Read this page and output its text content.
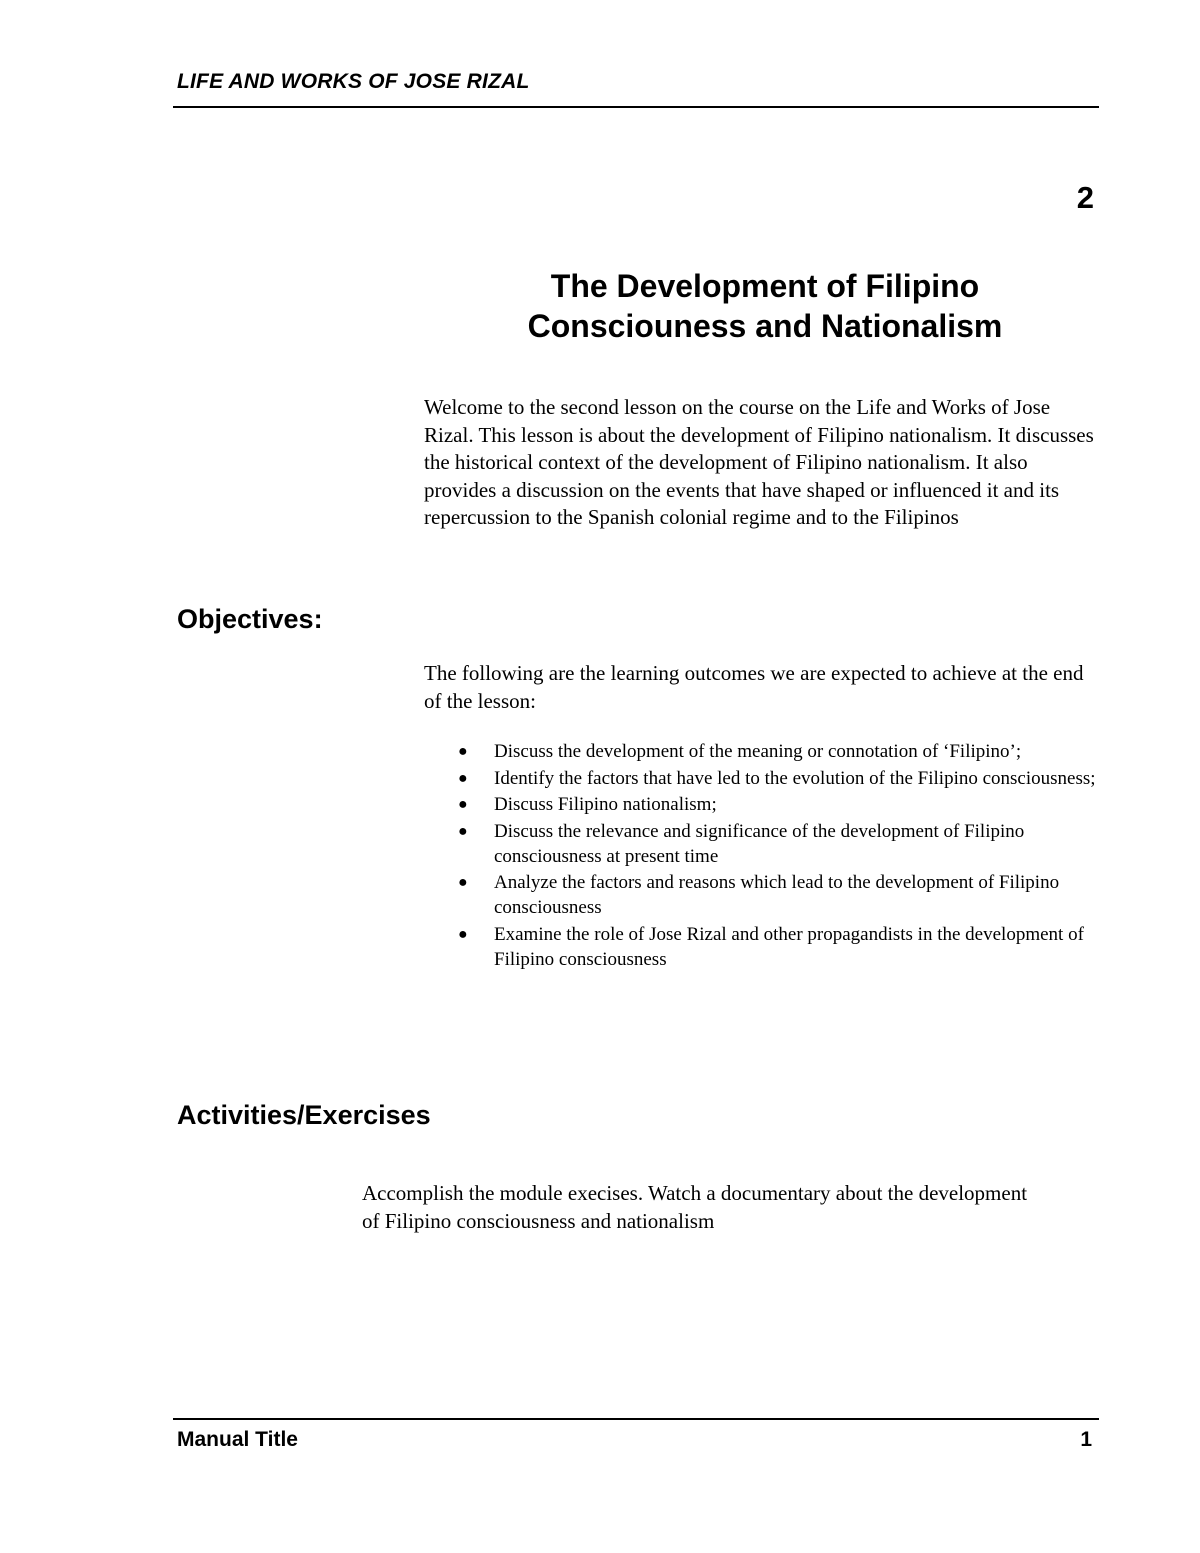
LIFE AND WORKS OF JOSE RIZAL
2
The Development of Filipino
Consciouness and Nationalism

Welcome to the second lesson on the course on the Life and Works of Jose Rizal. This lesson is about the development of Filipino nationalism. It discusses the historical context of the development of Filipino nationalism. It also provides a discussion on the events that have shaped or influenced it and its repercussion to the Spanish colonial regime and to the Filipinos

Objectives:

The following are the learning outcomes we are expected to achieve at the end of the lesson:

● Discuss the development of the meaning or connotation of ‘Filipino’;
● Identify the factors that have led to the evolution of the Filipino consciousness;
● Discuss Filipino nationalism;
● Discuss the relevance and significance of the development of Filipino consciousness at present time
● Analyze the factors and reasons which lead to the development of Filipino consciousness
● Examine the role of Jose Rizal and other propagandists in the development of Filipino consciousness
Activities/Exercises

Accomplish the module execises. Watch a documentary about the development of Filipino consciousness and nationalism

Manual Title	1
